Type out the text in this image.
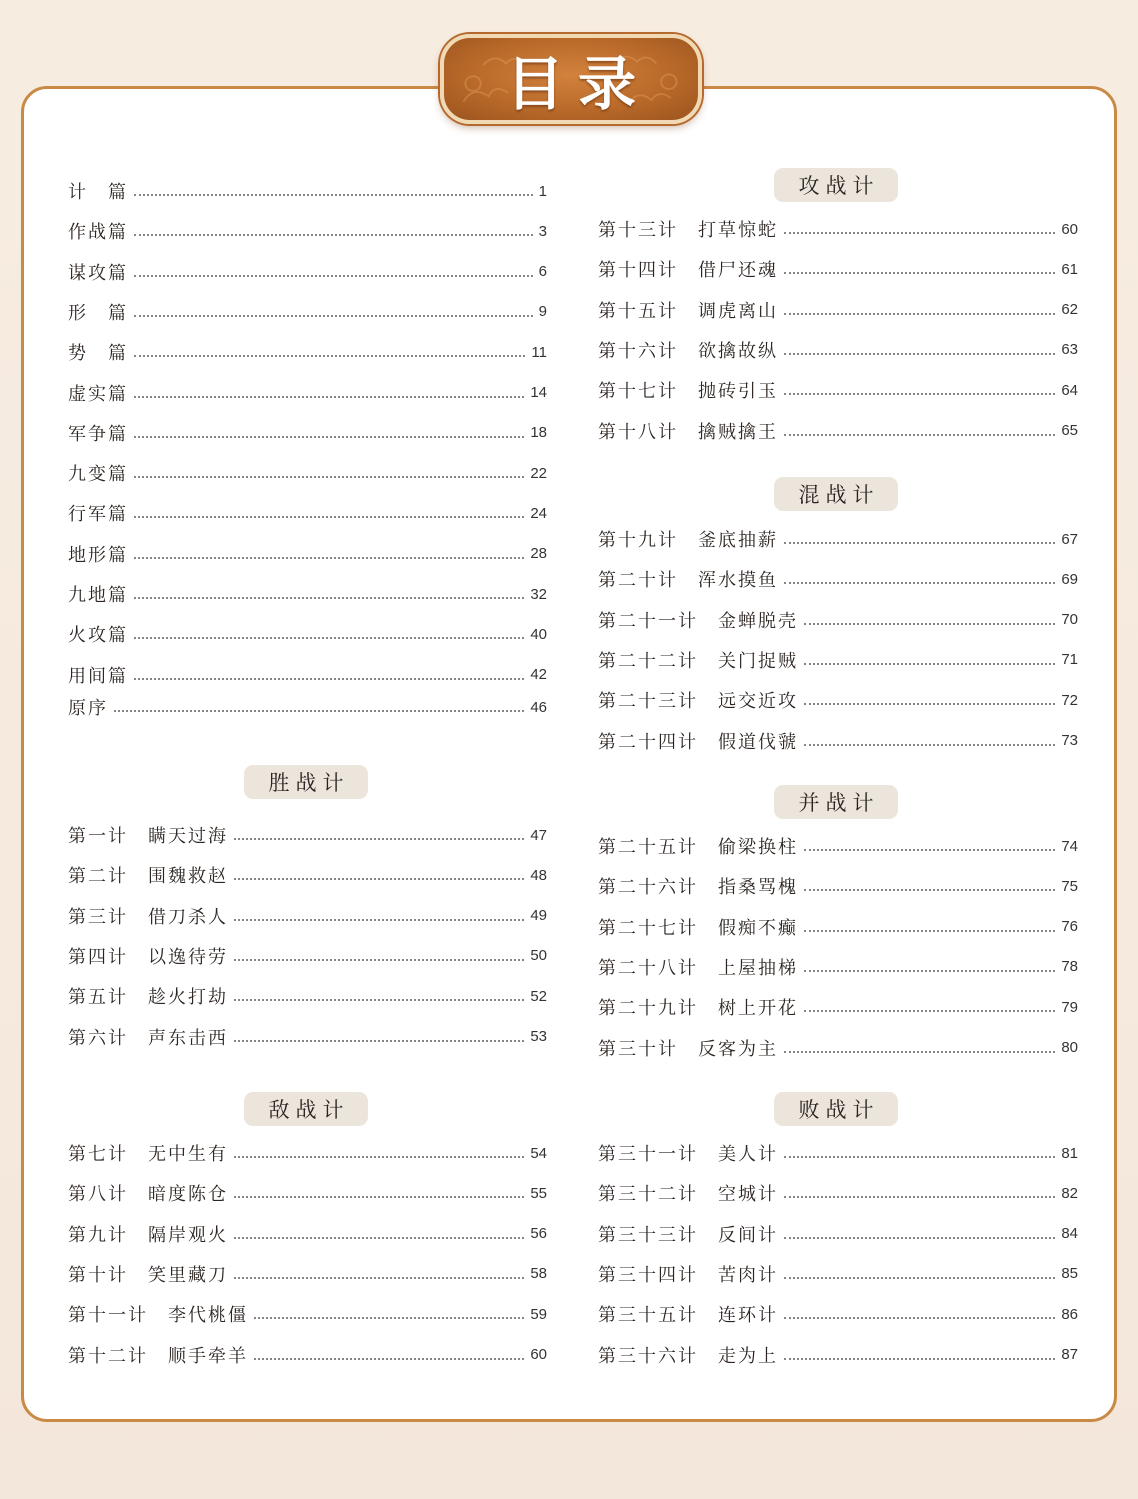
目录
计　篇	1
作战篇	3
谋攻篇	6
形　篇	9
势　篇	11
虚实篇	14
军争篇	18
九变篇	22
行军篇	24
地形篇	28
九地篇	32
火攻篇	40
用间篇	42
原序	46
胜战计
第一计　瞒天过海	47
第二计　围魏救赵	48
第三计　借刀杀人	49
第四计　以逸待劳	50
第五计　趁火打劫	52
第六计　声东击西	53
敌战计
第七计　无中生有	54
第八计　暗度陈仓	55
第九计　隔岸观火	56
第十计　笑里藏刀	58
第十一计　李代桃僵	59
第十二计　顺手牵羊	60
攻战计
第十三计　打草惊蛇	60
第十四计　借尸还魂	61
第十五计　调虎离山	62
第十六计　欲擒故纵	63
第十七计　抛砖引玉	64
第十八计　擒贼擒王	65
混战计
第十九计　釜底抽薪	67
第二十计　浑水摸鱼	69
第二十一计　金蝉脱壳	70
第二十二计　关门捉贼	71
第二十三计　远交近攻	72
第二十四计　假道伐虢	73
并战计
第二十五计　偷梁换柱	74
第二十六计　指桑骂槐	75
第二十七计　假痴不癫	76
第二十八计　上屋抽梯	78
第二十九计　树上开花	79
第三十计　反客为主	80
败战计
第三十一计　美人计	81
第三十二计　空城计	82
第三十三计　反间计	84
第三十四计　苦肉计	85
第三十五计　连环计	86
第三十六计　走为上	87
